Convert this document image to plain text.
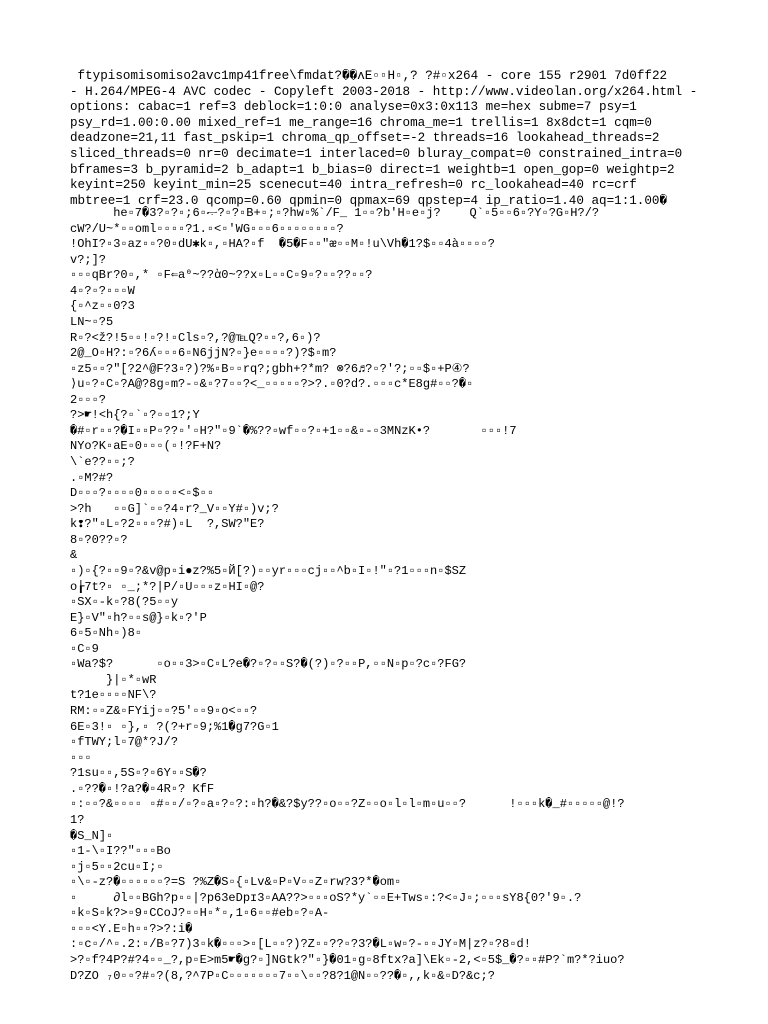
ftypisomisomiso2avc1mp41free\fmdat?��ʌE▫▫H▫,? ?#▫x264 - core 155 r2901 7d0ff22
- H.264/MPEG-4 AVC codec - Copyleft 2003-2018 - http://www.videolan.org/x264.html -
options: cabac=1 ref=3 deblock=1:0:0 analyse=0x3:0x113 me=hex subme=7 psy=1
psy_rd=1.00:0.00 mixed_ref=1 me_range=16 chroma_me=1 trellis=1 8x8dct=1 cqm=0
deadzone=21,11 fast_pskip=1 chroma_qp_offset=-2 threads=16 lookahead_threads=2
sliced_threads=0 nr=0 decimate=1 interlaced=0 bluray_compat=0 constrained_intra=0
bframes=3 b_pyramid=2 b_adapt=1 b_bias=0 direct=1 weightb=1 open_gop=0 weightp=2
keyint=250 keyint_min=25 scenecut=40 intra_refresh=0 rc_lookahead=40 rc=crf
mbtree=1 crf=23.0 qcomp=0.60 qpmin=0 qpmax=69 qpstep=4 ip_ratio=1.40 aq=1:1.00�
he▫7�ޞ▫6;▫?▫?3?▫?▫B+▫;▫?hw▫%`/F_ 1▫▫?b'H▫e▫j?    Q`▫5▫▫6▫?Y▫?G▫H?/?
cW?/U~*▫▫oml▫▫▫▫?1.▫<▫'WG▫▫▫6▫▫▫▫▫▫▫▫?
!OhI?▫3▫az▫▫?0▫dU✱k▫,▫HA?▫f  �5�F▫▫"ᴂ▫▫M▫!u\Vh�1?$▫▫4à▫▫▫▫?
v?;]?
▫▫▫qBr?0▫,* ▫F⇐a⁰~??ὰ0~??x▫L▫▫C▫9▫?▫▫??▫▫?
4▫?▫?▫▫▫W
{▫^z▫▫0?3
LN~▫?5
R▫?<ž?!5▫▫!▫?!▫Cls▫?,?@℡Q?▫▫?,6▫)?
2@_O▫H?:▫?6ʎ▫▫▫6▫N6jjN?▫}e▫▫▫▫?)?$▫m?
▫z5▫▫?"[?2^@F?3▫?)?%▫B▫▫rq?;gbh+?*m? ⊗?6♬?▫?'?;▫▫$▫+P④?
⟩u▫?▫C▫?A@?8g▫m?-▫&▫?7▫▫?<_▫▫▫▫▫?>?.▫0?d?.▫▫▫c*E8g#▫▫?�▫
2▫▫▫?
?>☛!<h{?▫`▫?▫▫1?;Y
�#▫r▫▫?�I▫▫P▫??▫'▫H?"▫9`�%??▫wf▫▫?▫+1▫▫&▫-▫3MNzK•?       ▫▫▫!7
NYo?K▫aE▫0▫▫▫(▫!?F+N?
\`e??▫▫;?
.▫M?#?
D▫▫▫?▫▫▫▫0▫▫▫▫▫<▫$▫▫
>?h   ▫▫G]`▫▫?4▫r?_V▫▫Y#▫)v;?
k❢?"▫L▫?2▫▫▫?#)▫L  ?,SW?"E?
8▫?0??▫?
&
▫)▫{?▫▫9▫?&v@p▫i●z?%5▫Й[?)▫▫yr▫▫▫cj▫▫^b▫I▫!"▫?1▫▫▫n▫$SZ
o┟7t?▫ ▫_;*?|P/▫U▫▫▫z▫HI▫@?
▫SX▫-k▫?8(?5▫▫y
E}▫V"▫h?▫▫s@}▫k▫?'P
6▫5▫Nh▫)8▫
▫C▫9
▫Wa?$?      ▫o▫▫3>▫C▫L?e�?▫?▫▫S?�(?)▫?▫▫P,▫▫N▫p▫?c▫?FG?
}|▫*▫wR
t?1e▫▫▫▫NF\?
RM:▫▫Z&▫FYij▫▫?5'▫▫9▫o<▫▫?
6E▫3!▫ ▫},▫ ?(?+r▫9;%1�g7?G▫1
▫fTWY;l▫7@*?J/?
▫▫▫
?1su▫▫,5S▫?▫6Y▫▫S�?
.▫??�▫!?a?�▫4R▫? KfF
▫:▫▫?&▫▫▫▫ ▫#▫▫/▫?▫a▫?▫?:▫h?�&?$y??▫o▫▫?Z▫▫o▫l▫l▫m▫u▫▫?      !▫▫▫k�_#▫▫▫▫▫@!?
1?
�S_N]▫
▫1-\▫I??"▫▫▫Bo
▫j▫5▫▫2cu▫I;▫
▫\▫-z?�▫▫▫▫▫▫?=S ?%Z�S▫{▫Lv&▫P▫V▫▫Z▫rw?3?*�om▫
▫     ∂l▫▫BGh?p▫▫|?p63eDpɪ3▫AA??>▫▫▫oS?*y`▫▫E+Tws▫:?<▫J▫;▫▫▫sY8{0?'9▫.?
▫k▫S▫k?>▫9▫CCoJ?▫▫H▫*▫,1▫6▫▫#eb▫?▫A-
▫▫▫<Y.E▫h▫▫?>?:i�
:▫c▫/^▫.2:▫/B▫?7)3▫k�▫▫▫>▫[L▫▫?)?Z▫▫??▫?3?�L▫w▫?-▫▫JY▫M|z?▫?8▫d!
>?▫f?4P?#?4▫▫_?,p▫E>m5☛�g?▫]NGtk?"▫}�01▫g▫8ftx?a]\Ek▫-2,<▫5$_�?▫▫#P?`m?*?iuo?
D?ZO ₇0▫▫?#▫?(8,?^7P▫C▫▫▫▫▫▫▫7▫▫\▫▫?8?1@N▫▫??�▫,,k▫&▫D?&c;?
